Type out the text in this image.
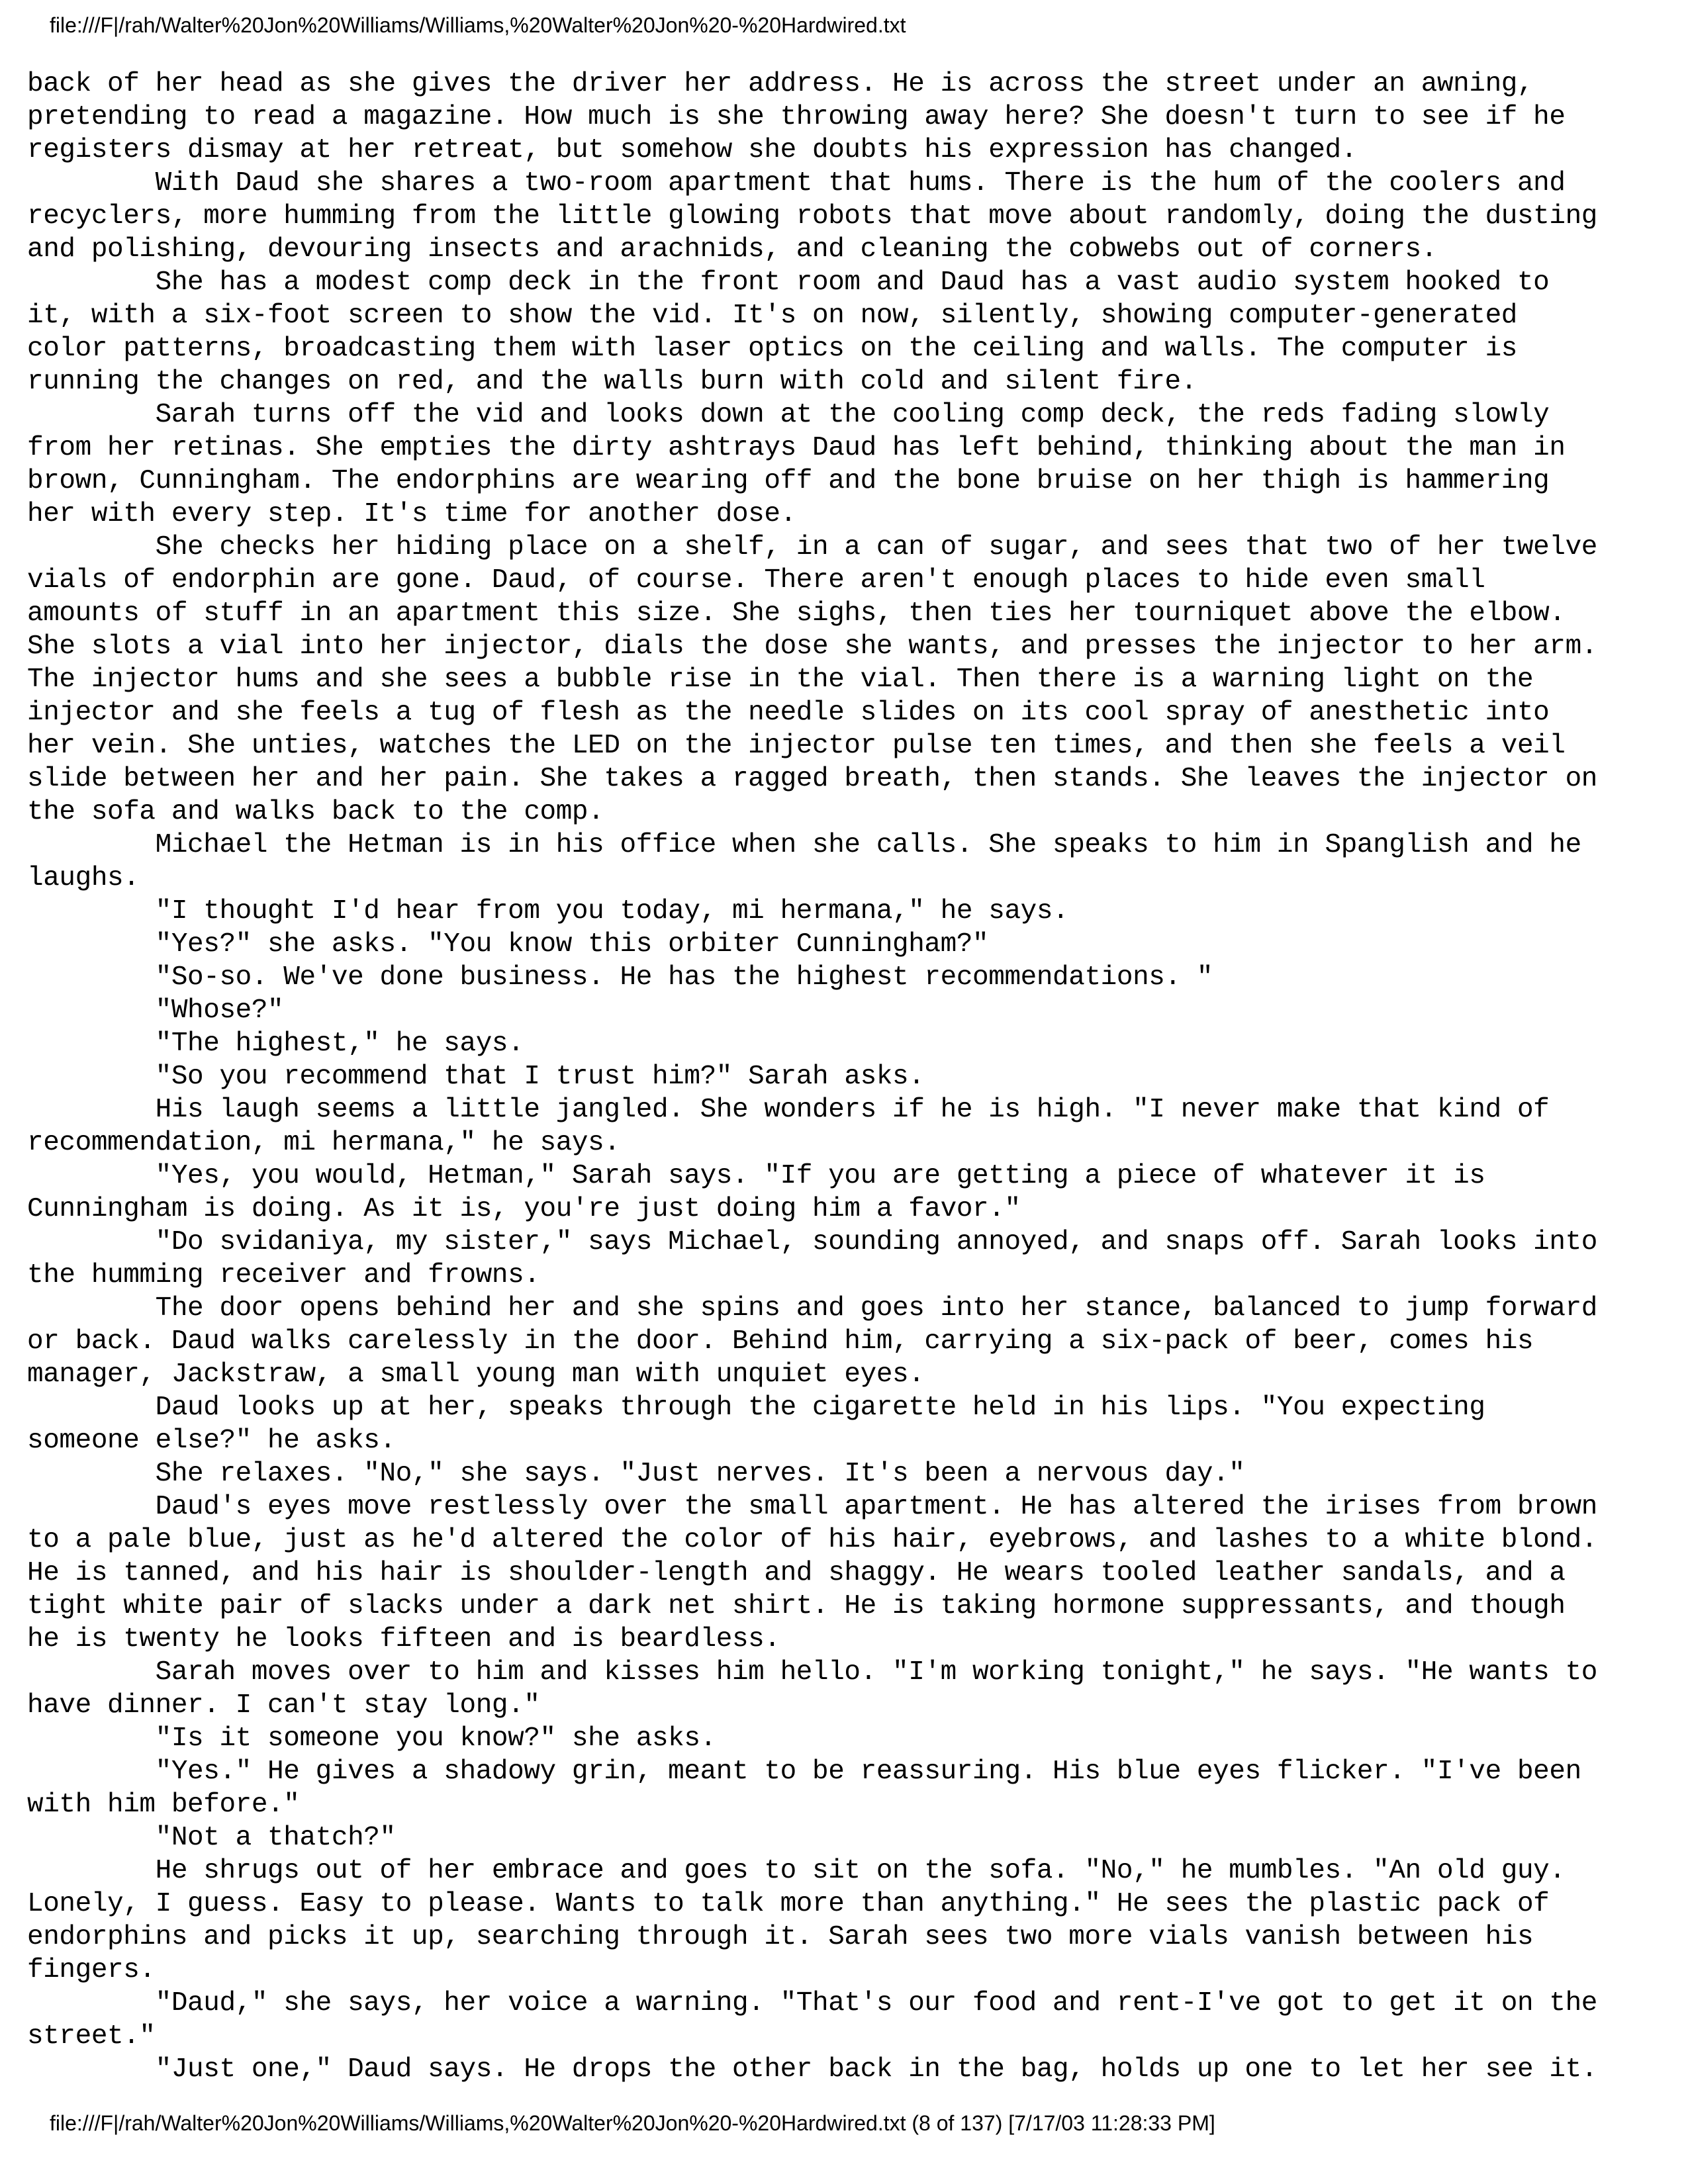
file:///F|/rah/Walter%20Jon%20Williams/Williams,%20Walter%20Jon%20-%20Hardwired.txt
back of her head as she gives the driver her address. He is across the street under an awning,
pretending to read a magazine. How much is she throwing away here? She doesn't turn to see if he
registers dismay at her retreat, but somehow she doubts his expression has changed.
With Daud she shares a two-room apartment that hums. There is the hum of the coolers and
recyclers, more humming from the little glowing robots that move about randomly, doing the dusting
and polishing, devouring insects and arachnids, and cleaning the cobwebs out of corners.
She has a modest comp deck in the front room and Daud has a vast audio system hooked to
it, with a six-foot screen to show the vid. It's on now, silently, showing computer-generated
color patterns, broadcasting them with laser optics on the ceiling and walls. The computer is
running the changes on red, and the walls burn with cold and silent fire.
Sarah turns off the vid and looks down at the cooling comp deck, the reds fading slowly
from her retinas. She empties the dirty ashtrays Daud has left behind, thinking about the man in
brown, Cunningham. The endorphins are wearing off and the bone bruise on her thigh is hammering
her with every step. It's time for another dose.
She checks her hiding place on a shelf, in a can of sugar, and sees that two of her twelve
vials of endorphin are gone. Daud, of course. There aren't enough places to hide even small
amounts of stuff in an apartment this size. She sighs, then ties her tourniquet above the elbow.
She slots a vial into her injector, dials the dose she wants, and presses the injector to her arm.
The injector hums and she sees a bubble rise in the vial. Then there is a warning light on the
injector and she feels a tug of flesh as the needle slides on its cool spray of anesthetic into
her vein. She unties, watches the LED on the injector pulse ten times, and then she feels a veil
slide between her and her pain. She takes a ragged breath, then stands. She leaves the injector on
the sofa and walks back to the comp.
Michael the Hetman is in his office when she calls. She speaks to him in Spanglish and he
laughs.
"I thought I'd hear from you today, mi hermana," he says.
"Yes?" she asks. "You know this orbiter Cunningham?"
"So-so. We've done business. He has the highest recommendations. "
"Whose?"
"The highest," he says.
"So you recommend that I trust him?" Sarah asks.
His laugh seems a little jangled. She wonders if he is high. "I never make that kind of
recommendation, mi hermana," he says.
"Yes, you would, Hetman," Sarah says. "If you are getting a piece of whatever it is
Cunningham is doing. As it is, you're just doing him a favor."
"Do svidaniya, my sister," says Michael, sounding annoyed, and snaps off. Sarah looks into
the humming receiver and frowns.
The door opens behind her and she spins and goes into her stance, balanced to jump forward
or back. Daud walks carelessly in the door. Behind him, carrying a six-pack of beer, comes his
manager, Jackstraw, a small young man with unquiet eyes.
Daud looks up at her, speaks through the cigarette held in his lips. "You expecting
someone else?" he asks.
She relaxes. "No," she says. "Just nerves. It's been a nervous day."
Daud's eyes move restlessly over the small apartment. He has altered the irises from brown
to a pale blue, just as he'd altered the color of his hair, eyebrows, and lashes to a white blond.
He is tanned, and his hair is shoulder-length and shaggy. He wears tooled leather sandals, and a
tight white pair of slacks under a dark net shirt. He is taking hormone suppressants, and though
he is twenty he looks fifteen and is beardless.
Sarah moves over to him and kisses him hello. "I'm working tonight," he says. "He wants to
have dinner. I can't stay long."
"Is it someone you know?" she asks.
"Yes." He gives a shadowy grin, meant to be reassuring. His blue eyes flicker. "I've been
with him before."
"Not a thatch?"
He shrugs out of her embrace and goes to sit on the sofa. "No," he mumbles. "An old guy.
Lonely, I guess. Easy to please. Wants to talk more than anything." He sees the plastic pack of
endorphins and picks it up, searching through it. Sarah sees two more vials vanish between his
fingers.
"Daud," she says, her voice a warning. "That's our food and rent-I've got to get it on the
street."
"Just one," Daud says. He drops the other back in the bag, holds up one to let her see it.
file:///F|/rah/Walter%20Jon%20Williams/Williams,%20Walter%20Jon%20-%20Hardwired.txt (8 of 137) [7/17/03 11:28:33 PM]
